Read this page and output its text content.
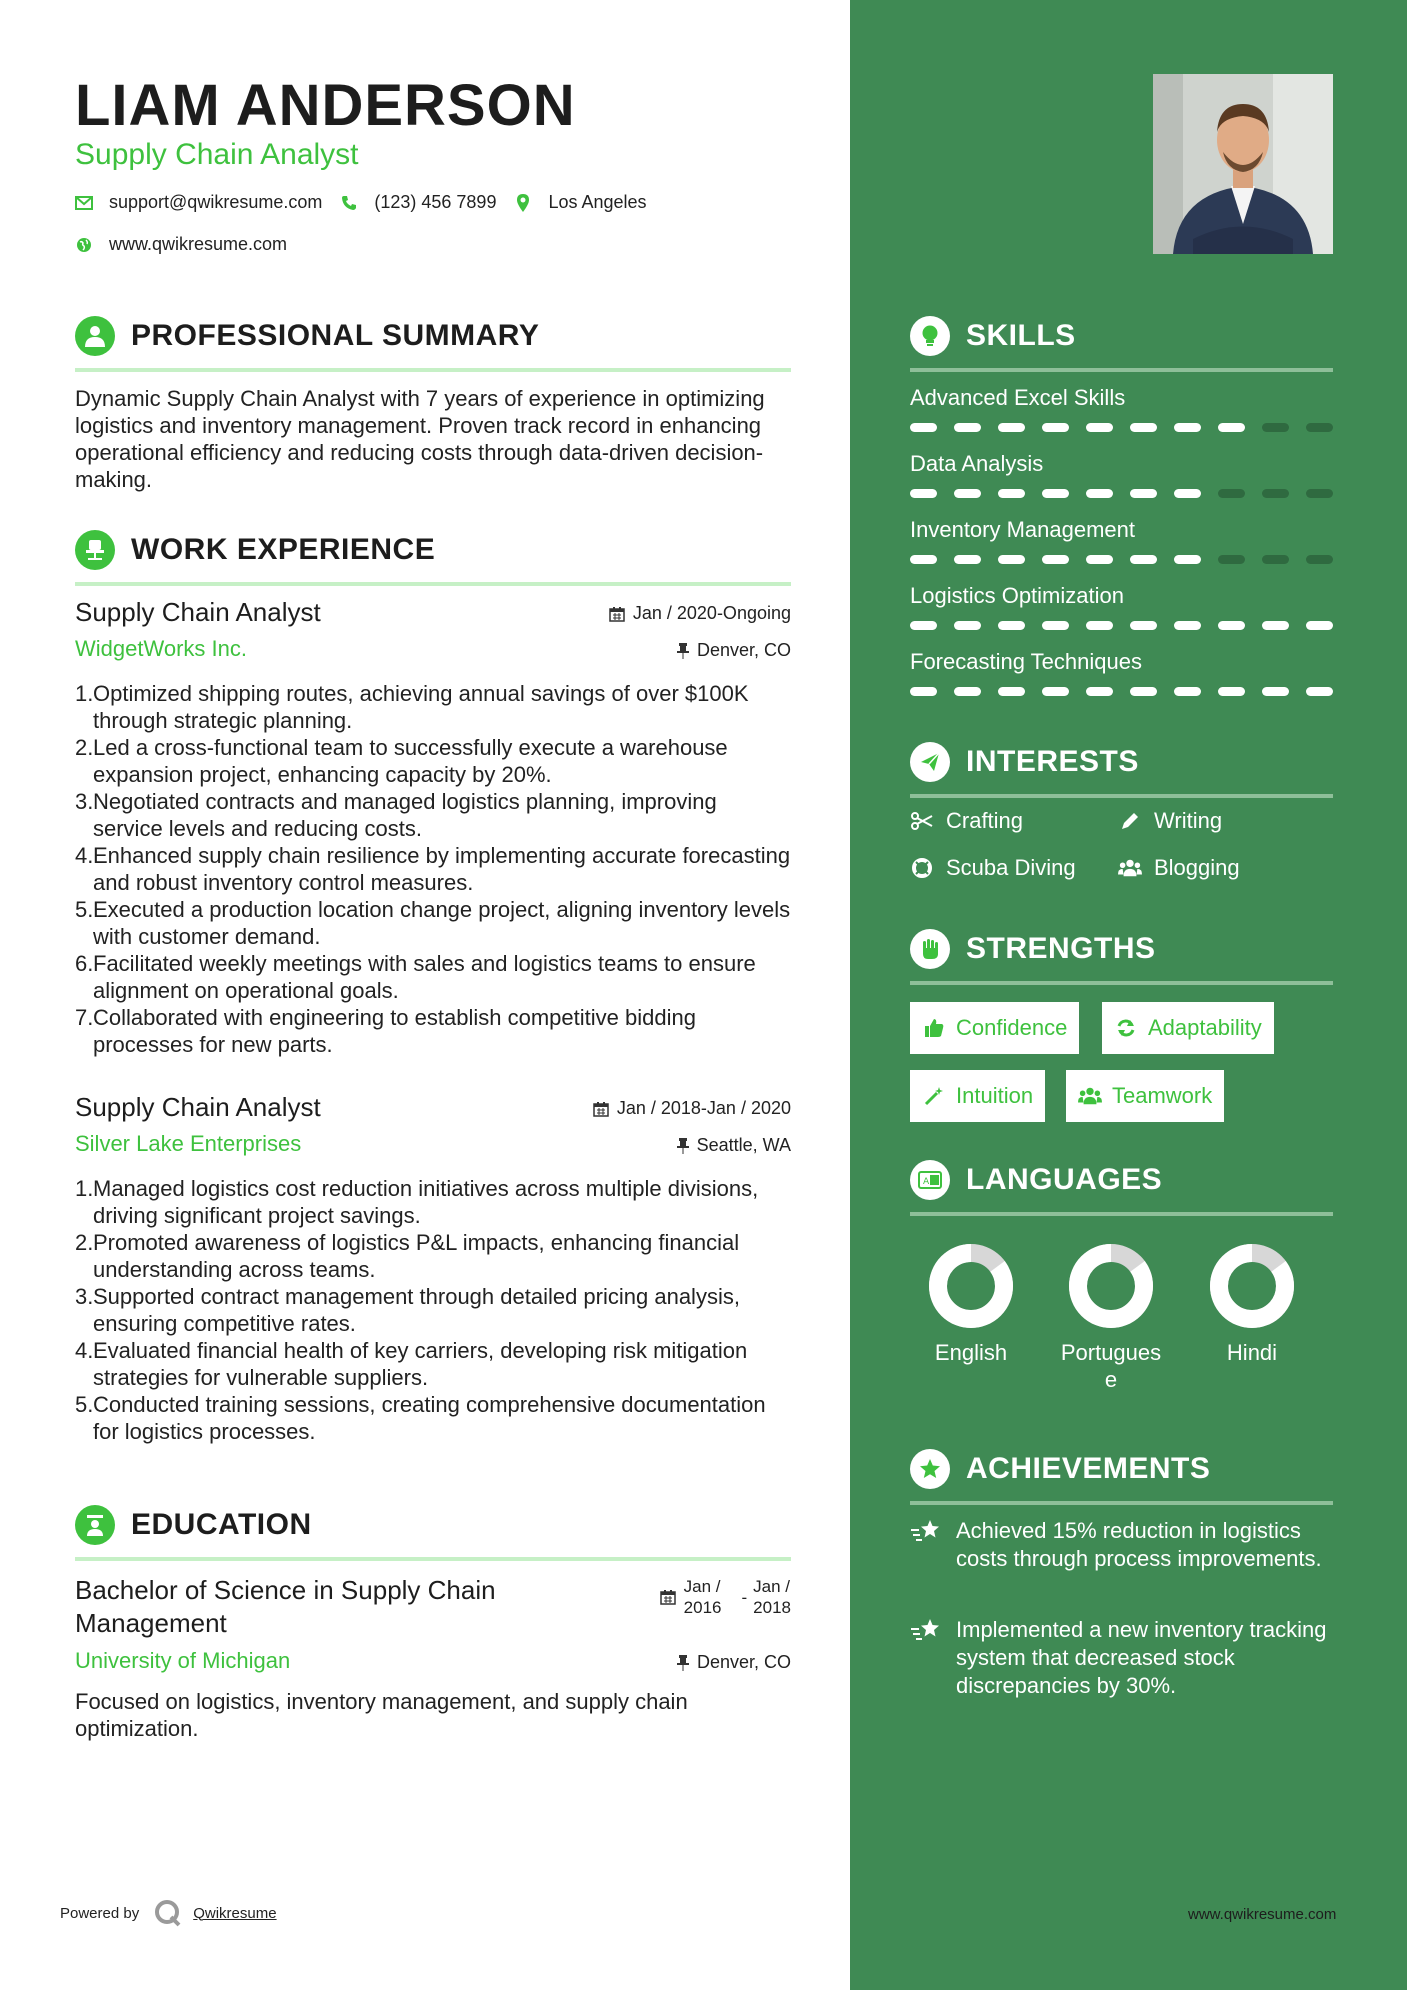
LIAM ANDERSON
Supply Chain Analyst
support@qwikresume.com	(123) 456 7899	Los Angeles
www.qwikresume.com
PROFESSIONAL SUMMARY
Dynamic Supply Chain Analyst with 7 years of experience in optimizing logistics and inventory management. Proven track record in enhancing operational efficiency and reducing costs through data-driven decision-making.
WORK EXPERIENCE
Supply Chain Analyst	Jan / 2020-Ongoing
WidgetWorks Inc.	Denver, CO
1. Optimized shipping routes, achieving annual savings of over $100K through strategic planning.
2. Led a cross-functional team to successfully execute a warehouse expansion project, enhancing capacity by 20%.
3. Negotiated contracts and managed logistics planning, improving service levels and reducing costs.
4. Enhanced supply chain resilience by implementing accurate forecasting and robust inventory control measures.
5. Executed a production location change project, aligning inventory levels with customer demand.
6. Facilitated weekly meetings with sales and logistics teams to ensure alignment on operational goals.
7. Collaborated with engineering to establish competitive bidding processes for new parts.
Supply Chain Analyst	Jan / 2018-Jan / 2020
Silver Lake Enterprises	Seattle, WA
1. Managed logistics cost reduction initiatives across multiple divisions, driving significant project savings.
2. Promoted awareness of logistics P&L impacts, enhancing financial understanding across teams.
3. Supported contract management through detailed pricing analysis, ensuring competitive rates.
4. Evaluated financial health of key carriers, developing risk mitigation strategies for vulnerable suppliers.
5. Conducted training sessions, creating comprehensive documentation for logistics processes.
EDUCATION
Bachelor of Science in Supply Chain
Management
Jan /
2016
-
Jan /
2018
University of Michigan	Denver, CO
Focused on logistics, inventory management, and supply chain optimization.
SKILLS
Advanced Excel Skills
Data Analysis
Inventory Management
Logistics Optimization
Forecasting Techniques
INTERESTS
Crafting	Writing
Scuba Diving	Blogging
STRENGTHS
Confidence	Adaptability
Intuition	Teamwork
A LANGUAGES
English	Portugues
e
Hindi
ACHIEVEMENTS
Achieved 15% reduction in logistics costs through process improvements.
Implemented a new inventory tracking system that decreased stock discrepancies by 30%.
Powered by	Qwikresume	www.qwikresume.com
